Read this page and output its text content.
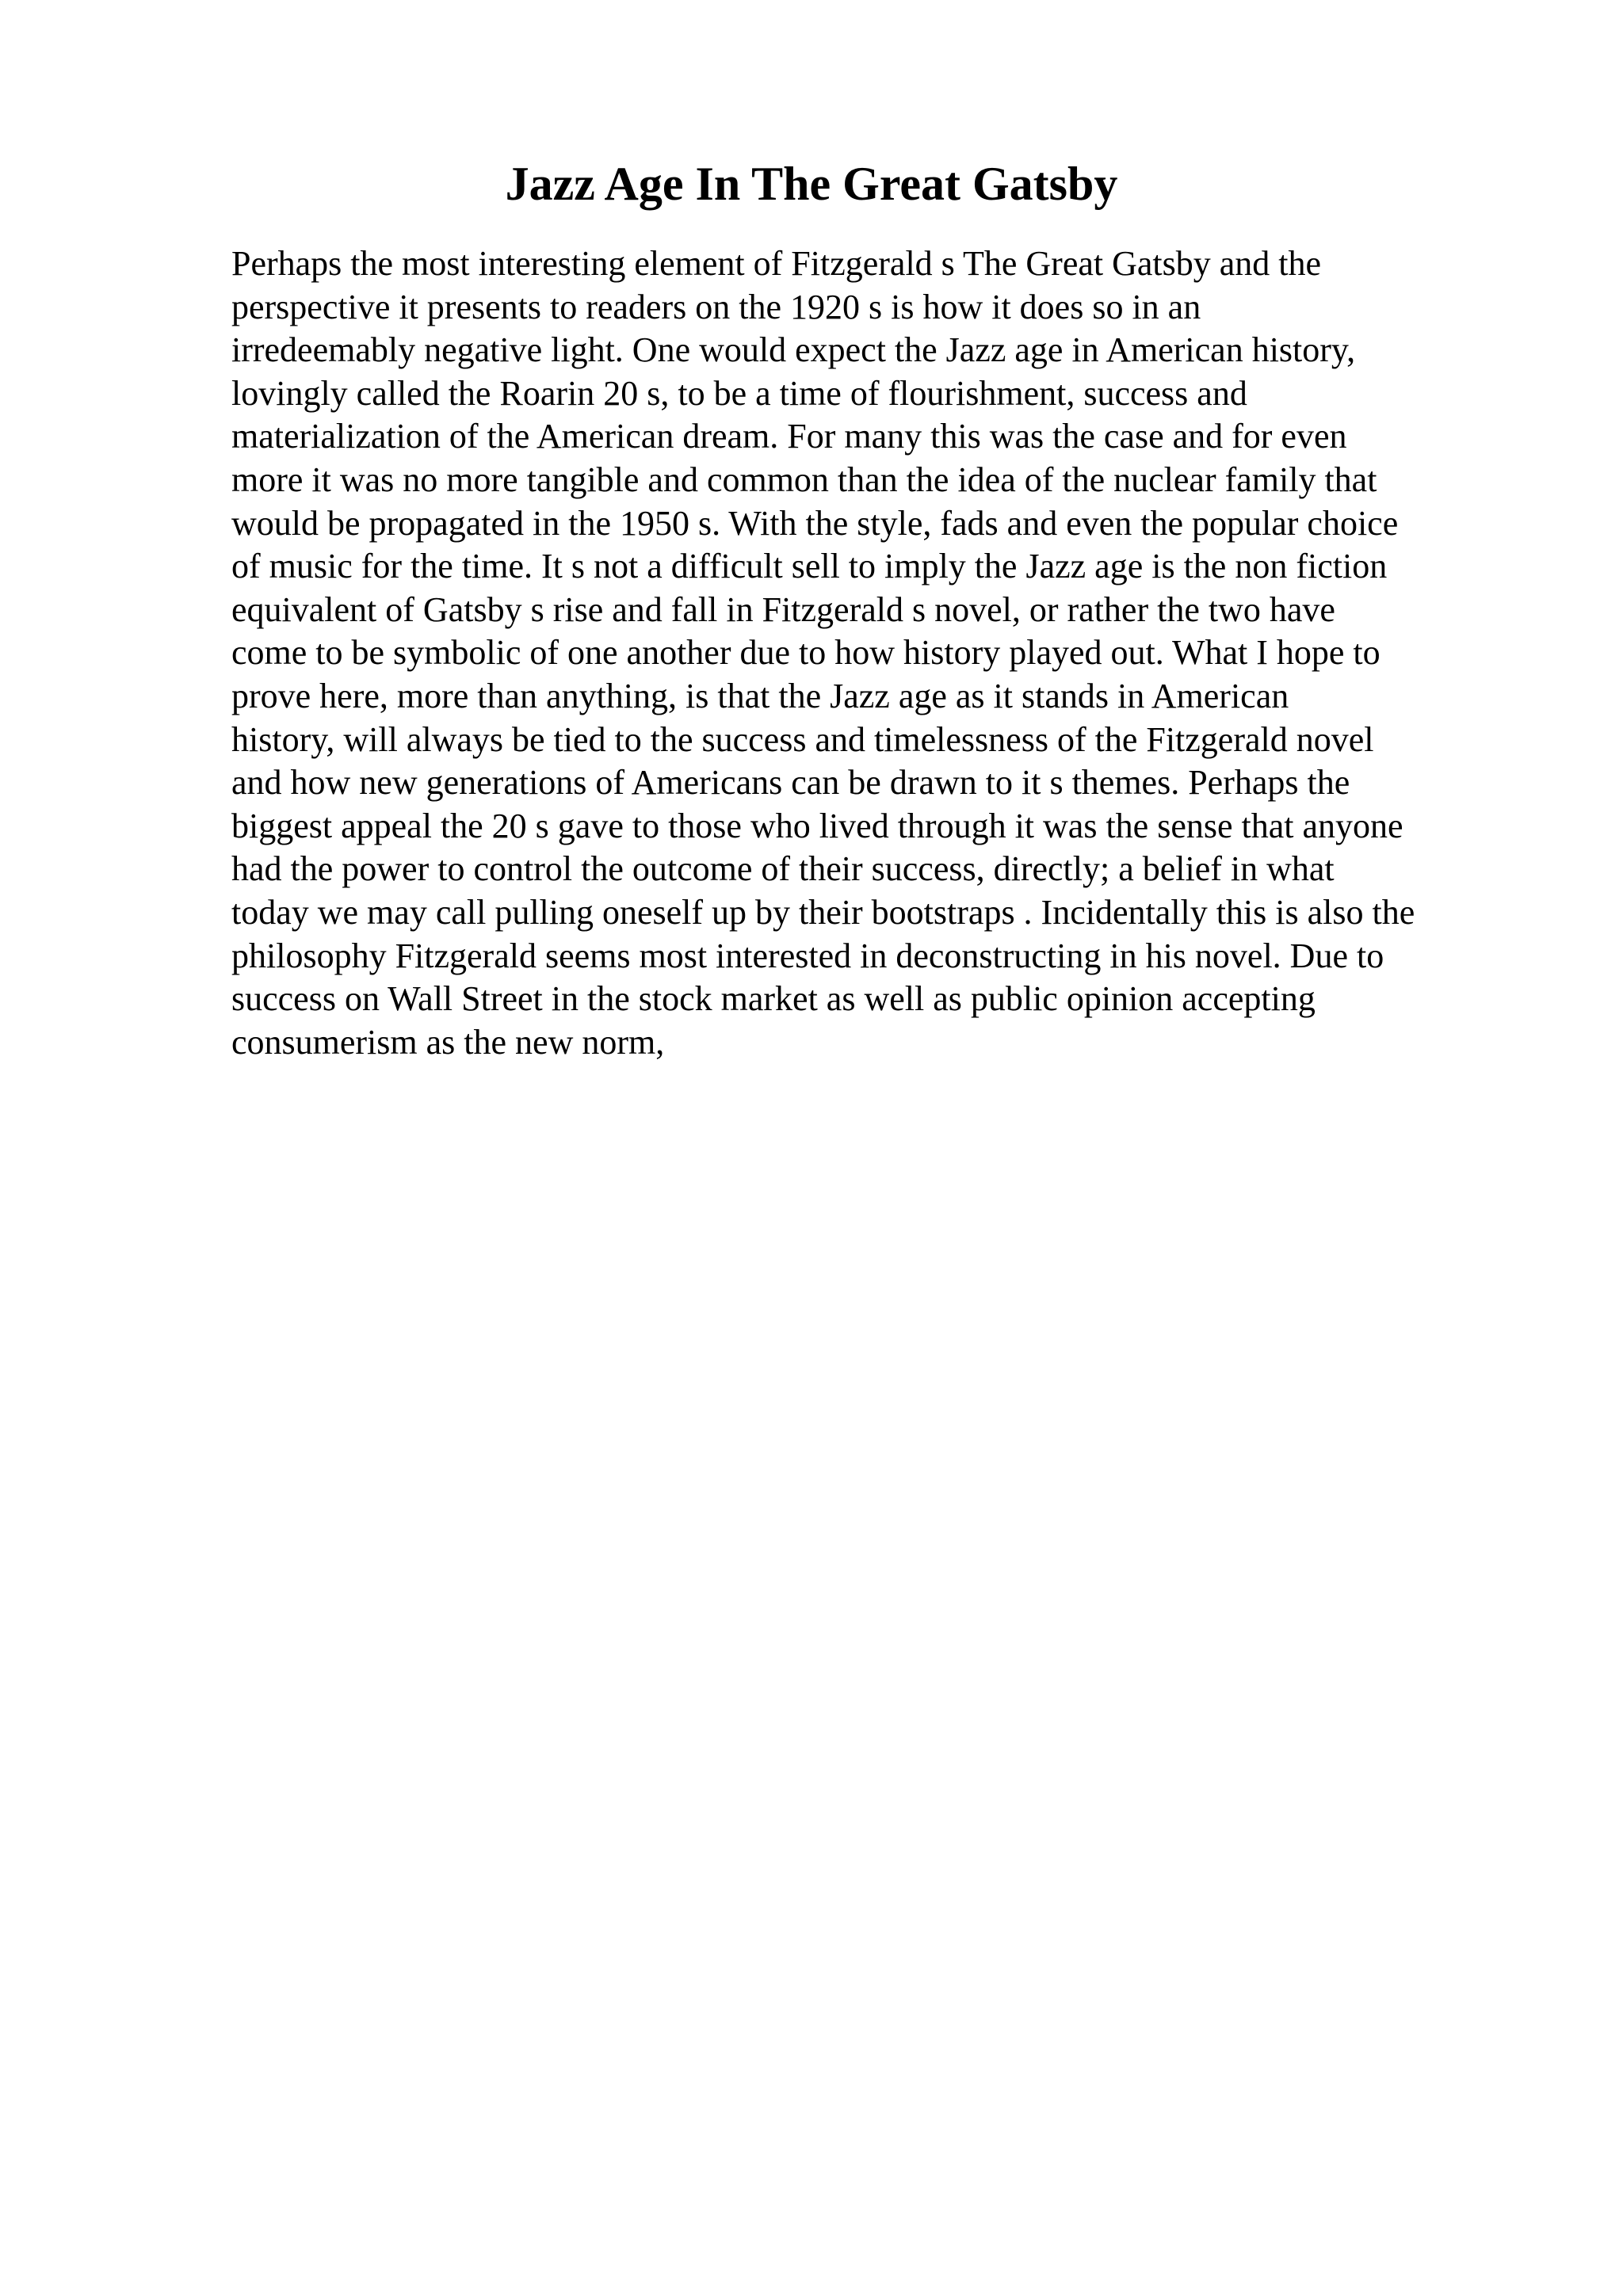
Jazz Age In The Great Gatsby
Perhaps the most interesting element of Fitzgerald s The Great Gatsby and the
perspective it presents to readers on the 1920 s is how it does so in an
irredeemably negative light. One would expect the Jazz age in American history,
lovingly called the Roarin 20 s, to be a time of flourishment, success and
materialization of the American dream. For many this was the case and for even
more it was no more tangible and common than the idea of the nuclear family that
would be propagated in the 1950 s. With the style, fads and even the popular choice
of music for the time. It s not a difficult sell to imply the Jazz age is the non fiction
equivalent of Gatsby s rise and fall in Fitzgerald s novel, or rather the two have
come to be symbolic of one another due to how history played out. What I hope to
prove here, more than anything, is that the Jazz age as it stands in American
history, will always be tied to the success and timelessness of the Fitzgerald novel
and how new generations of Americans can be drawn to it s themes. Perhaps the
biggest appeal the 20 s gave to those who lived through it was the sense that anyone
had the power to control the outcome of their success, directly; a belief in what
today we may call pulling oneself up by their bootstraps . Incidentally this is also the
philosophy Fitzgerald seems most interested in deconstructing in his novel. Due to
success on Wall Street in the stock market as well as public opinion accepting
consumerism as the new norm,
